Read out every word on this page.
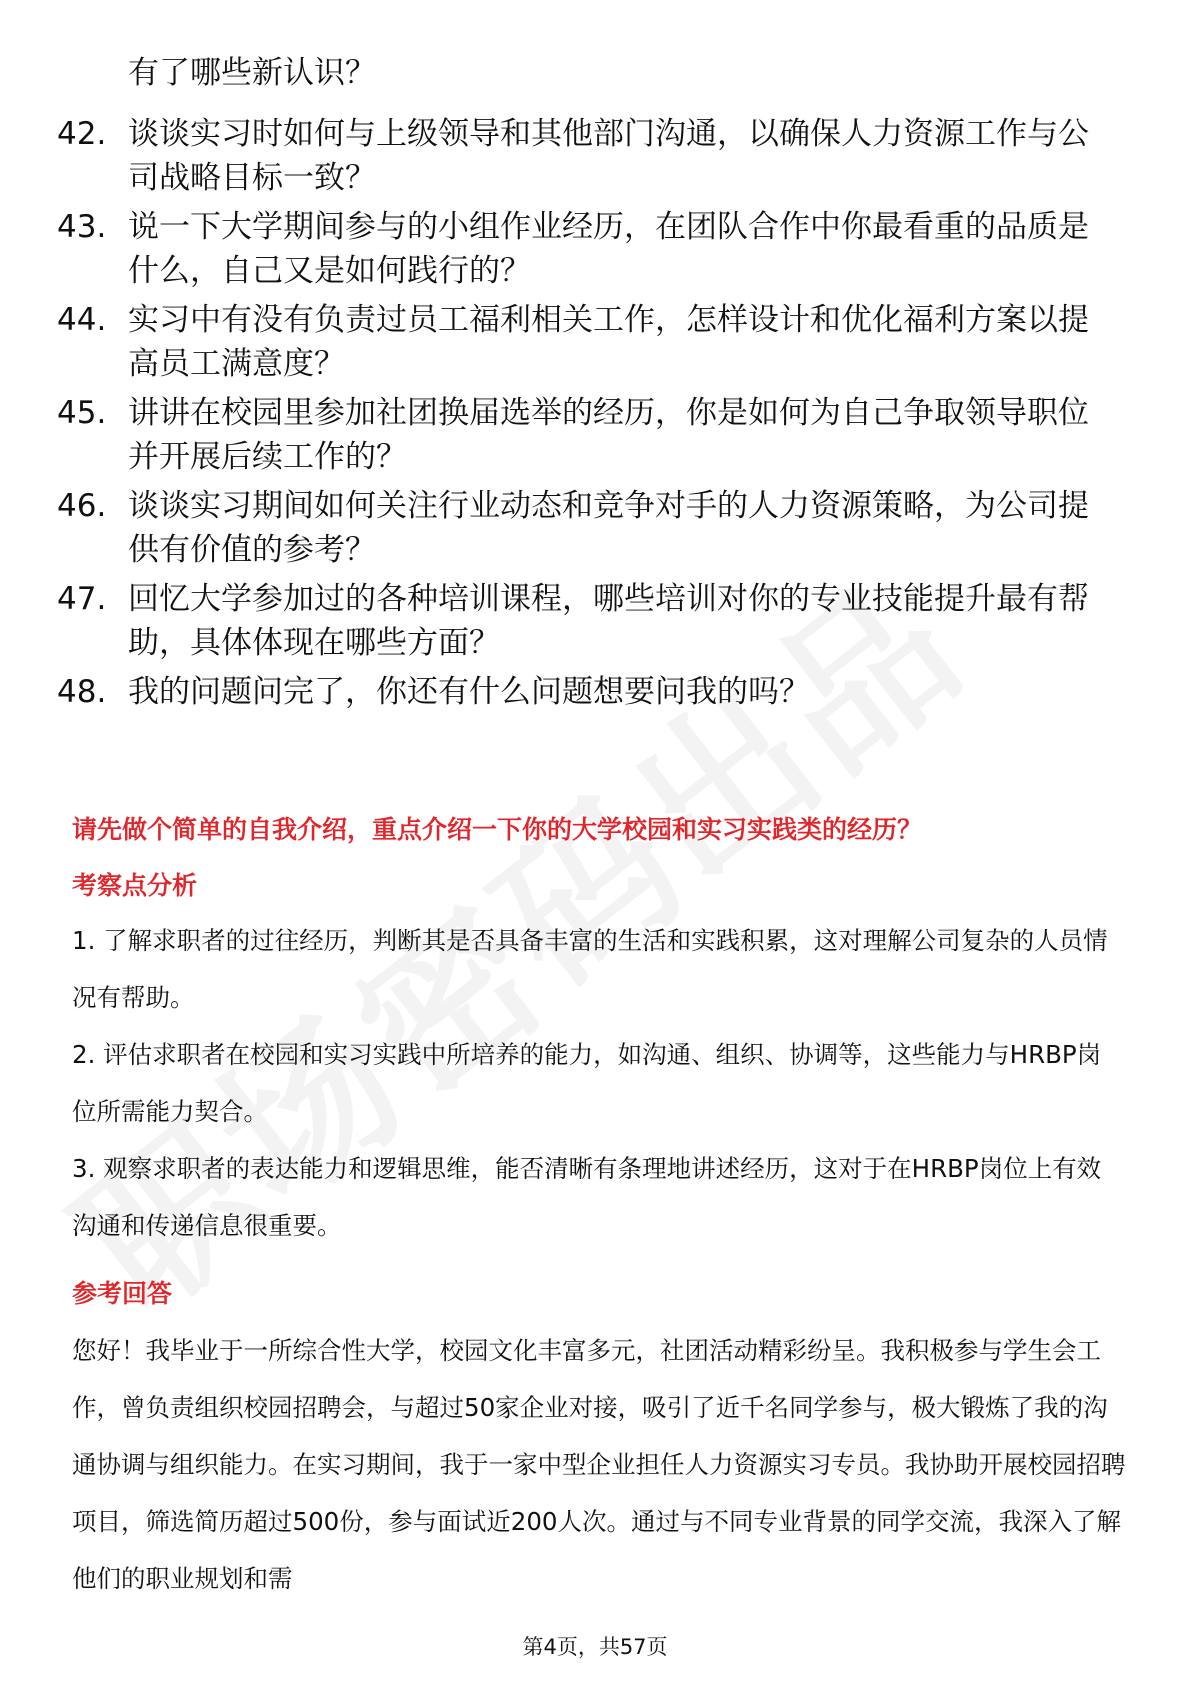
有了哪些新认识？
42. 谈谈实习时如何与上级领导和其他部门沟通，以确保人力资源工作与公司战略目标一致？
43. 说一下大学期间参与的小组作业经历，在团队合作中你最看重的品质是什么，自己又是如何践行的？
44. 实习中有没有负责过员工福利相关工作，怎样设计和优化福利方案以提高员工满意度？
45. 讲讲在校园里参加社团换届选举的经历，你是如何为自己争取领导职位并开展后续工作的？
46. 谈谈实习期间如何关注行业动态和竞争对手的人力资源策略，为公司提供有价值的参考？
47. 回忆大学参加过的各种培训课程，哪些培训对你的专业技能提升最有帮助，具体体现在哪些方面？
48. 我的问题问完了，你还有什么问题想要问我的吗？
请先做个简单的自我介绍，重点介绍一下你的大学校园和实习实践类的经历？
考察点分析
1. 了解求职者的过往经历，判断其是否具备丰富的生活和实践积累，这对理解公司复杂的人员情况有帮助。
2. 评估求职者在校园和实习实践中所培养的能力，如沟通、组织、协调等，这些能力与HRBP岗位所需能力契合。
3. 观察求职者的表达能力和逻辑思维，能否清晰有条理地讲述经历，这对于在HRBP岗位上有效沟通和传递信息很重要。
参考回答
您好！我毕业于一所综合性大学，校园文化丰富多元，社团活动精彩纷呈。我积极参与学生会工作，曾负责组织校园招聘会，与超过50家企业对接，吸引了近千名同学参与，极大锻炼了我的沟通协调与组织能力。在实习期间，我于一家中型企业担任人力资源实习专员。我协助开展校园招聘项目，筛选简历超过500份，参与面试近200人次。通过与不同专业背景的同学交流，我深入了解他们的职业规划和需
第4页，共57页
